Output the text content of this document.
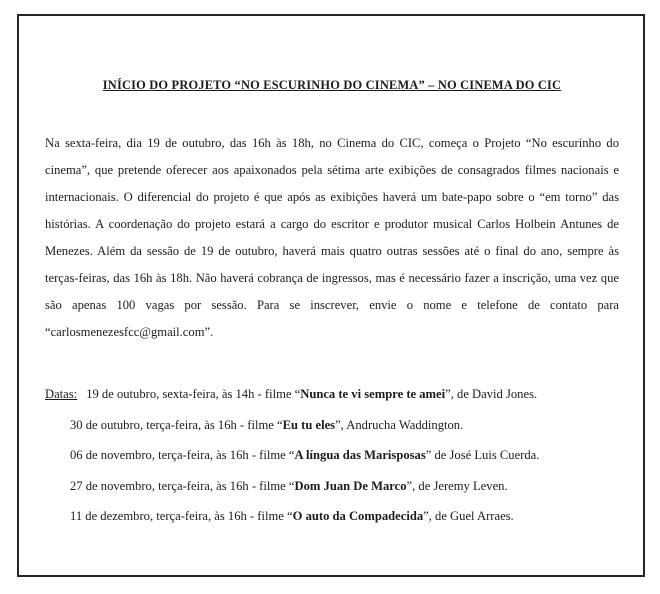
INÍCIO DO PROJETO “NO ESCURINHO DO CINEMA” – NO CINEMA DO CIC
Na sexta-feira, dia 19 de outubro, das 16h às 18h, no Cinema do CIC, começa o Projeto “No escurinho do cinema”, que pretende oferecer aos apaixonados pela sétima arte exibições de consagrados filmes nacionais e internacionais. O diferencial do projeto é que após as exibições haverá um bate-papo sobre o “em torno” das histórias. A coordenação do projeto estará a cargo do escritor e produtor musical Carlos Holbein Antunes de Menezes. Além da sessão de 19 de outubro, haverá mais quatro outras sessões até o final do ano, sempre às terças-feiras, das 16h às 18h. Não haverá cobrança de ingressos, mas é necessário fazer a inscrição, uma vez que são apenas 100 vagas por sessão. Para se inscrever, envie o nome e telefone de contato para “carlosmenezesfcc@gmail.com”.
Datas: 19 de outubro, sexta-feira, às 14h - filme “Nunca te vi sempre te amei”, de David Jones.
30 de outubro, terça-feira, às 16h - filme “Eu tu eles”, Andrucha Waddington.
06 de novembro, terça-feira, às 16h - filme “A língua das Marisposas” de José Luis Cuerda.
27 de novembro, terça-feira, às 16h - filme “Dom Juan De Marco”, de Jeremy Leven.
11 de dezembro, terça-feira, às 16h - filme “O auto da Compadecida”, de Guel Arraes.
